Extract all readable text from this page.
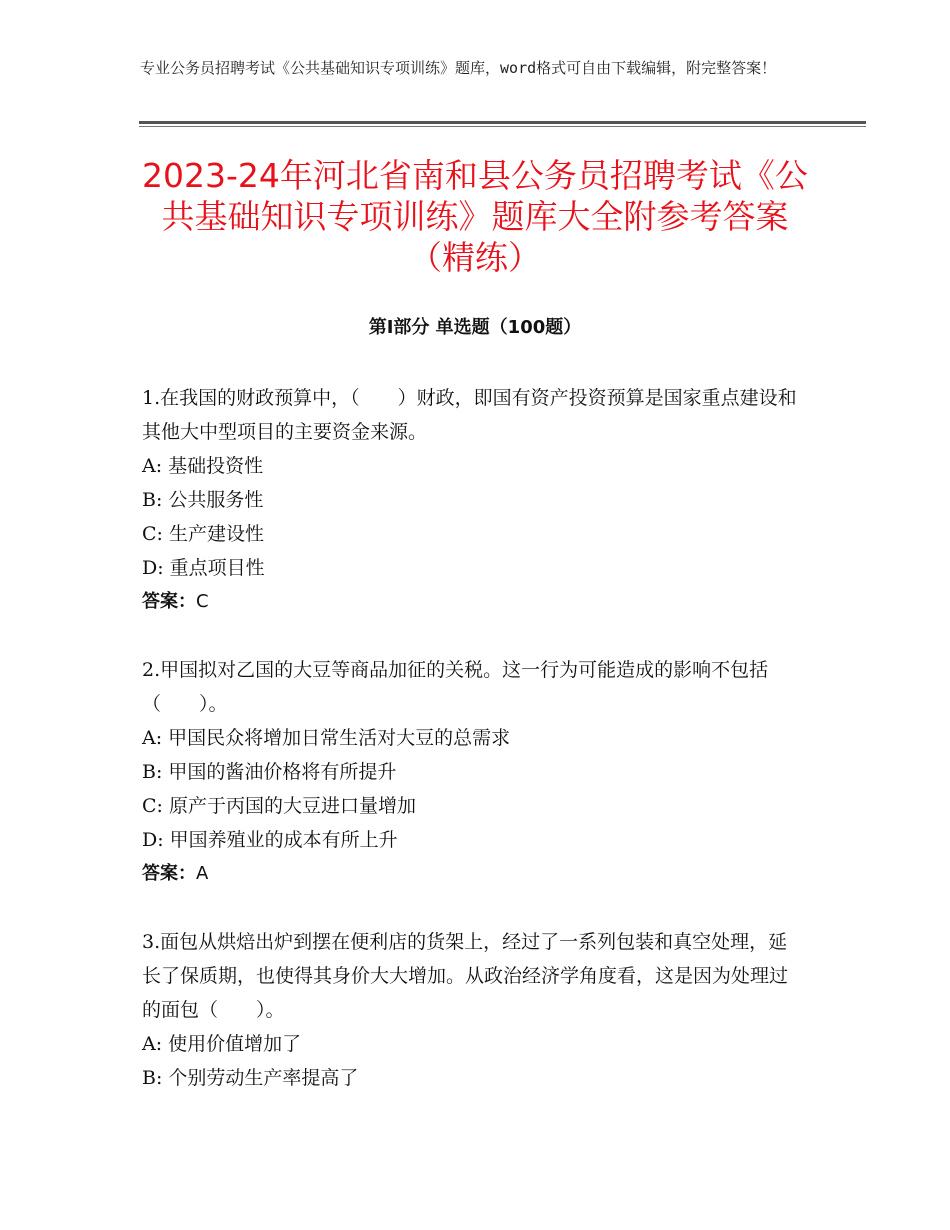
专业公务员招聘考试《公共基础知识专项训练》题库，word格式可自由下载编辑，附完整答案！
2023-24年河北省南和县公务员招聘考试《公共基础知识专项训练》题库大全附参考答案（精练）
第I部分 单选题（100题）
1.在我国的财政预算中，（　　）财政，即国有资产投资预算是国家重点建设和其他大中型项目的主要资金来源。
A: 基础投资性
B: 公共服务性
C: 生产建设性
D: 重点项目性
答案：C
2.甲国拟对乙国的大豆等商品加征的关税。这一行为可能造成的影响不包括（　　）。
A: 甲国民众将增加日常生活对大豆的总需求
B: 甲国的酱油价格将有所提升
C: 原产于丙国的大豆进口量增加
D: 甲国养殖业的成本有所上升
答案：A
3.面包从烘焙出炉到摆在便利店的货架上，经过了一系列包装和真空处理，延长了保质期，也使得其身价大大增加。从政治经济学角度看，这是因为处理过的面包（　　）。
A: 使用价值增加了
B: 个别劳动生产率提高了
